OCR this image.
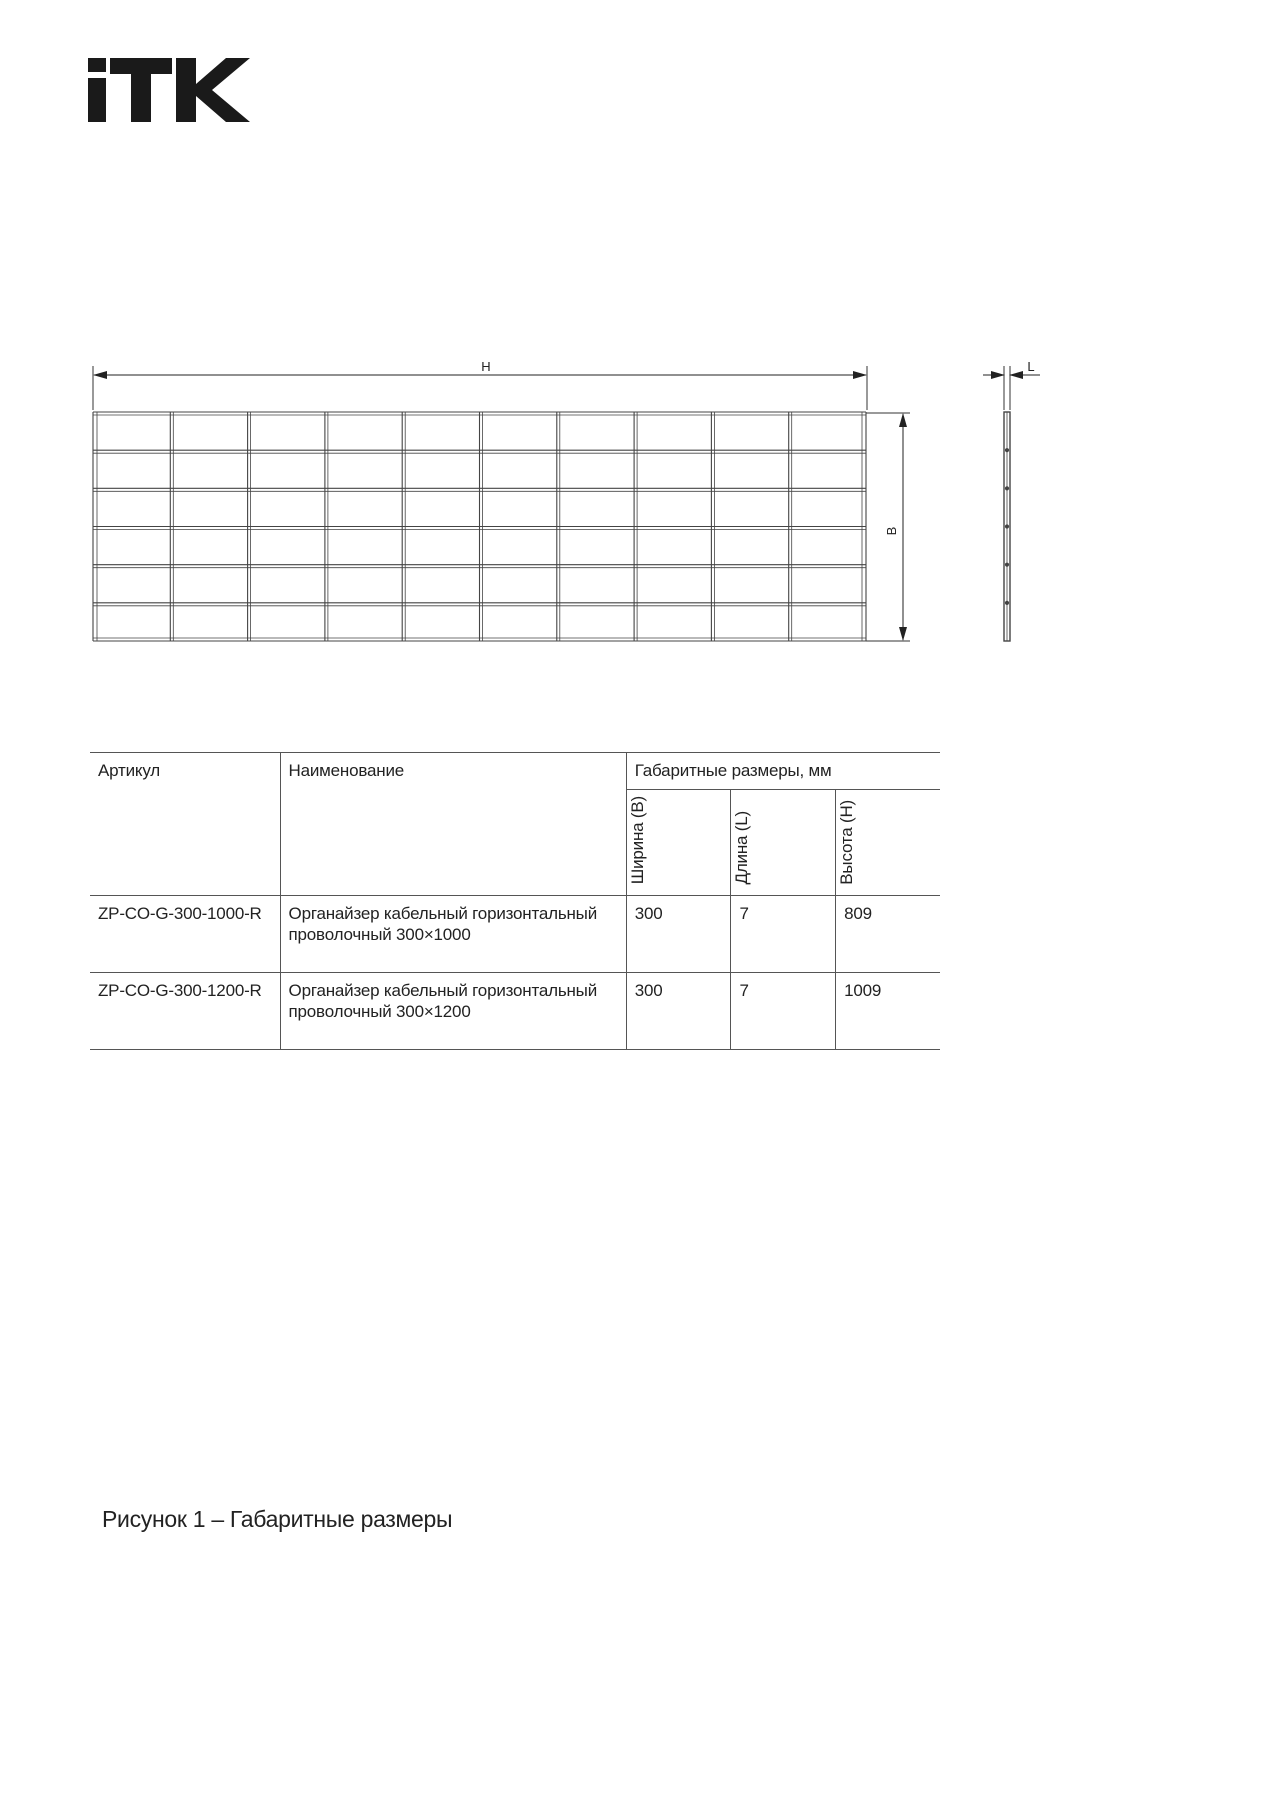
H
B
L
Артикул	Наименование	Габаритные размеры, мм		
		Ширина (B)	Длина (L)	Высота (H)
ZP-CO-G-300-1000-R	Органайзер кабельный горизонтальный проволочный 300×1000	300	7	809
ZP-CO-G-300-1200-R	Органайзер кабельный горизонтальный проволочный 300×1200	300	7	1009
Рисунок 1 – Габаритные размеры
